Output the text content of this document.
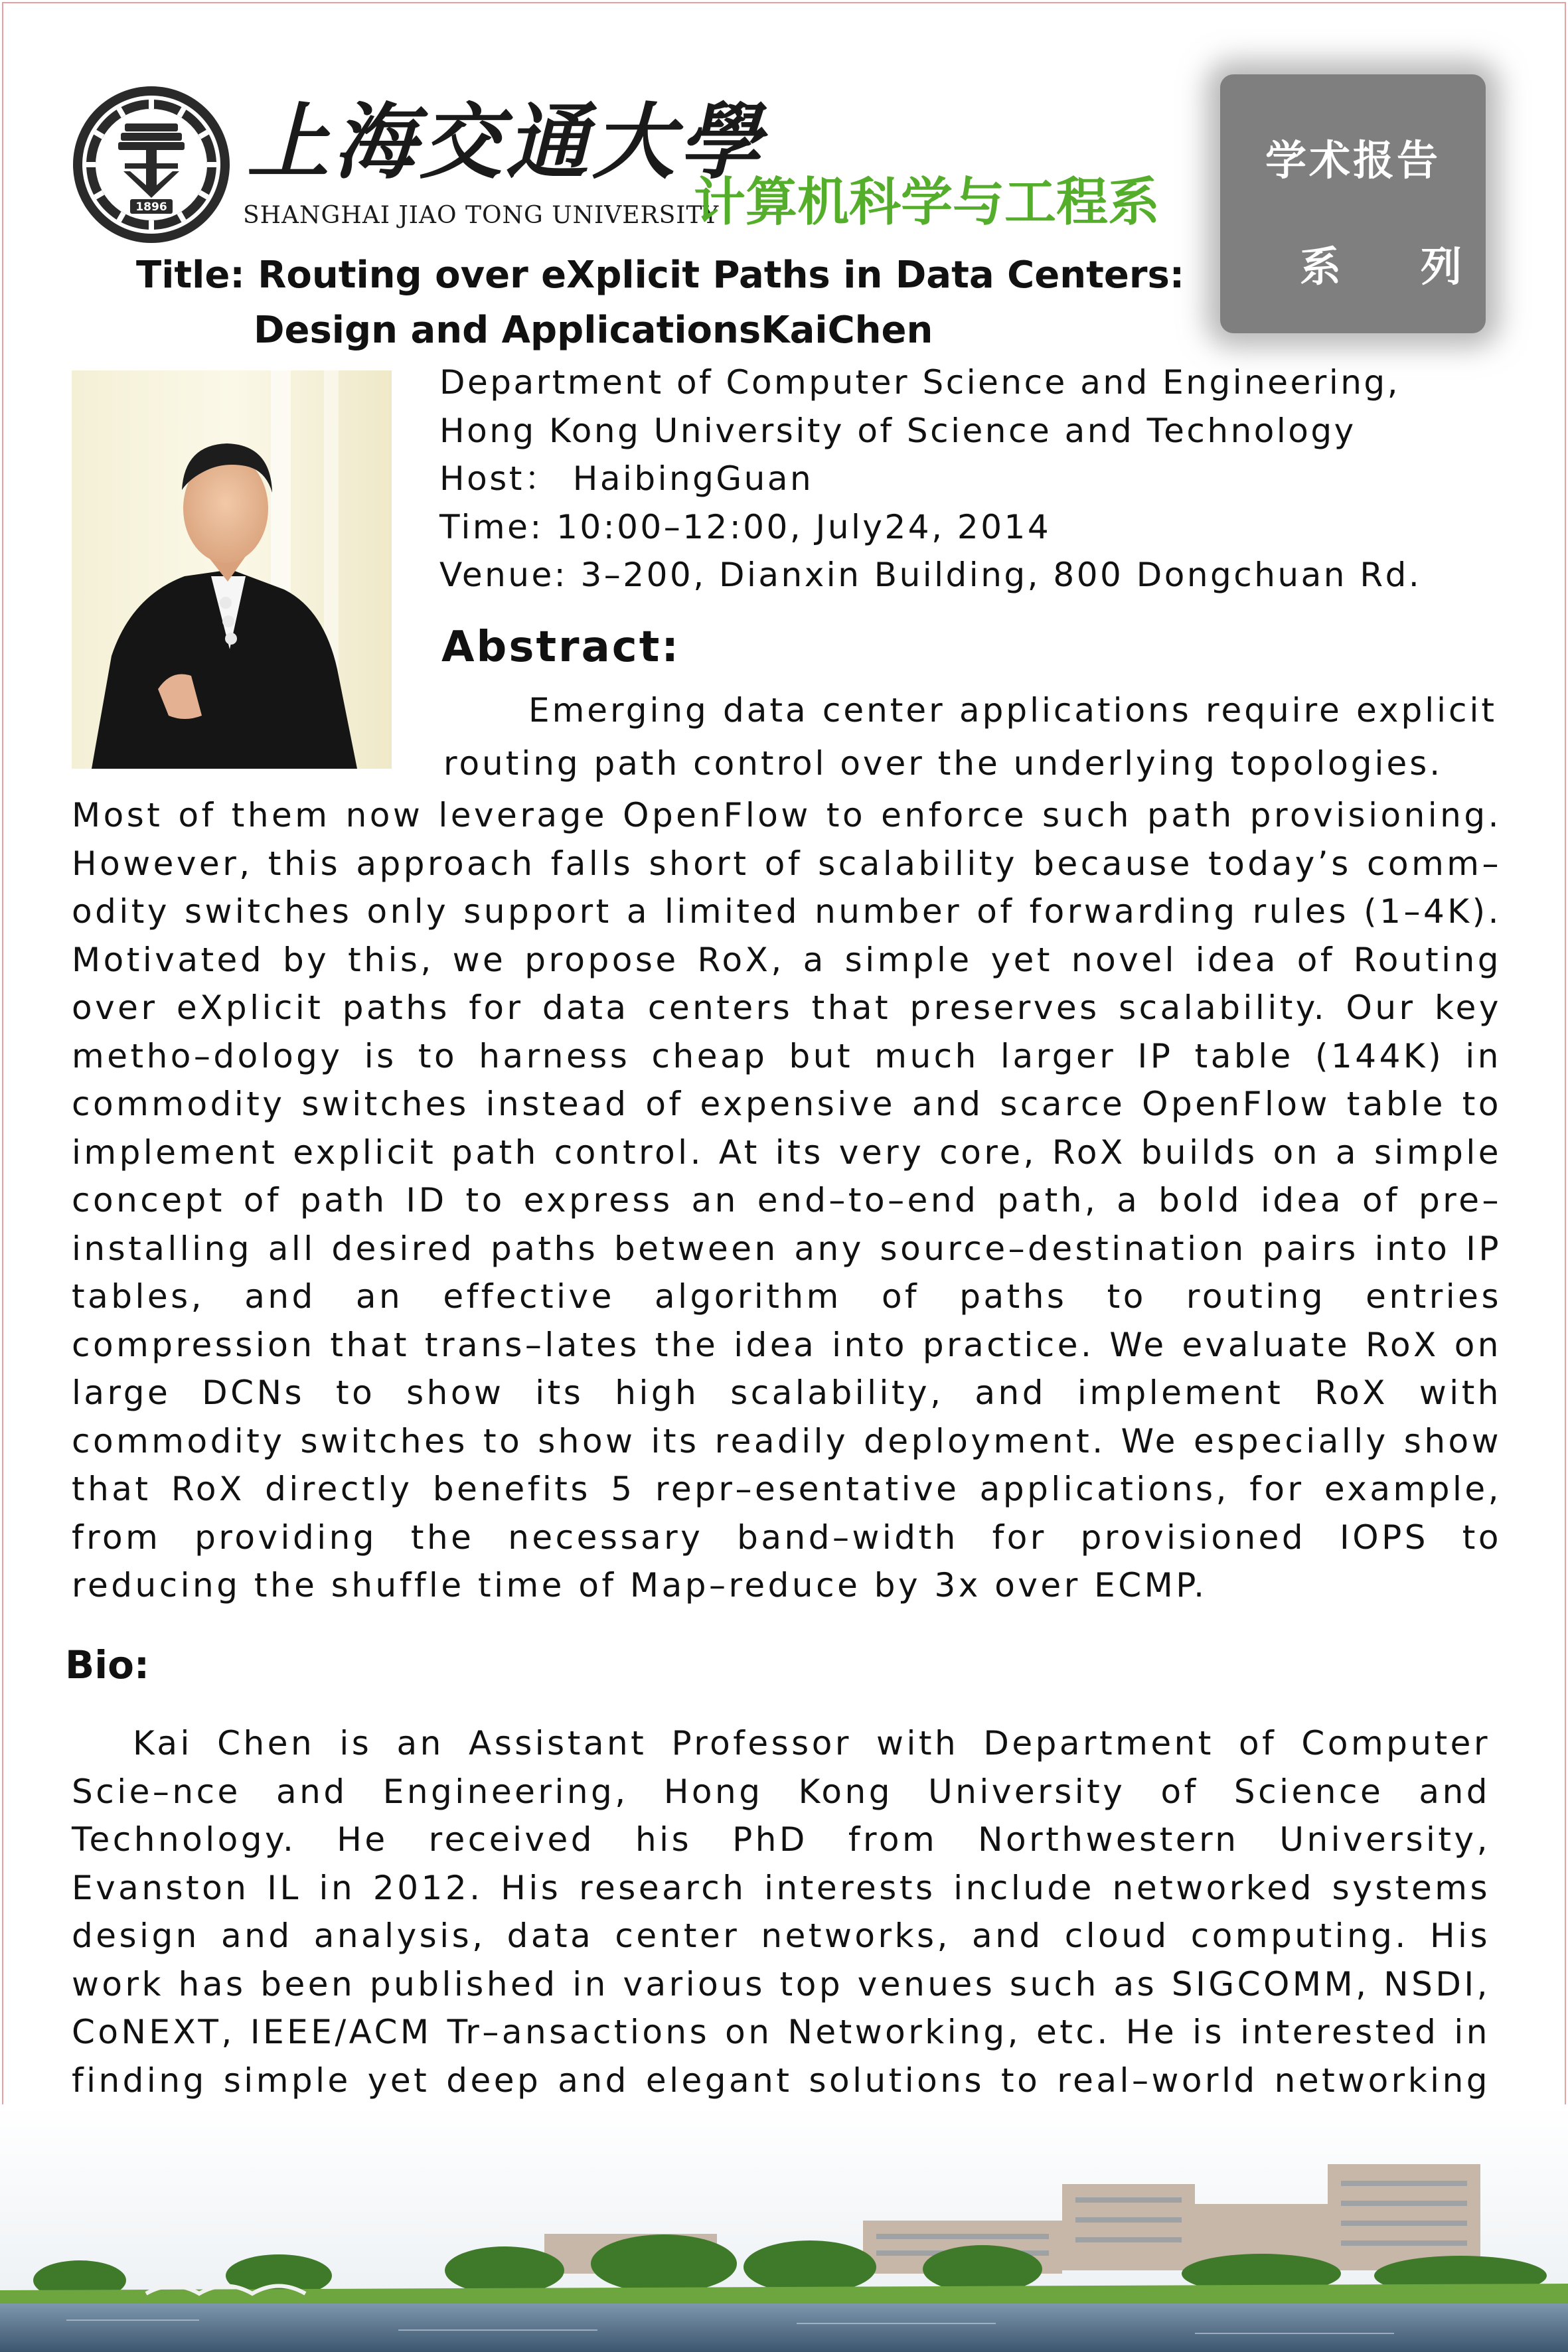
1896
上海交通大學
SHANGHAI JIAO TONG UNIVERSITY
计算机科学与工程系
学术报告
系列
Title: Routing over eXplicit Paths in Data Centers:
Design and ApplicationsKaiChen
Department of Computer Science and Engineering,
Hong Kong University of Science and Technology
Host： HaibingGuan
Time: 10:00–12:00, July24, 2014
Venue: 3–200, Dianxin Building, 800 Dongchuan Rd.
Abstract:
Emerging data center applications require explicit routing path control over the underlying topologies.
Most of them now leverage OpenFlow to enforce such path provisioning. However, this approach falls short of scalability because today’s comm–odity switches only support a limited number of forwarding rules (1–4K). Motivated by this, we propose RoX, a simple yet novel idea of Routing over eXplicit paths for data centers that preserves scalability. Our key metho–dology is to harness cheap but much larger IP table (144K) in commodity switches instead of expensive and scarce OpenFlow table to implement explicit path control. At its very core, RoX builds on a simple concept of path ID to express an end–to–end path, a bold idea of pre–installing all desired paths between any source–destination pairs into IP tables, and an effective algorithm of paths to routing entries compression that trans–lates the idea into practice. We evaluate RoX on large DCNs to show its high scalability, and implement RoX with commodity switches to show its readily deployment. We especially show that RoX directly benefits 5 repr–esentative applications, for example, from providing the necessary band–width for provisioned IOPS to reducing the shuffle time of Map–reduce by 3x over ECMP.
Bio:
Kai Chen is an Assistant Professor with Department of Computer Scie–nce and Engineering, Hong Kong University of Science and Technology. He received his PhD from Northwestern University, Evanston IL in 2012. His research interests include networked systems design and analysis, data center networks, and cloud computing. His work has been published in various top venues such as SIGCOMM, NSDI, CoNEXT, IEEE/ACM Tr–ansactions on Networking, etc. He is interested in finding simple yet deep and elegant solutions to real–world networking
